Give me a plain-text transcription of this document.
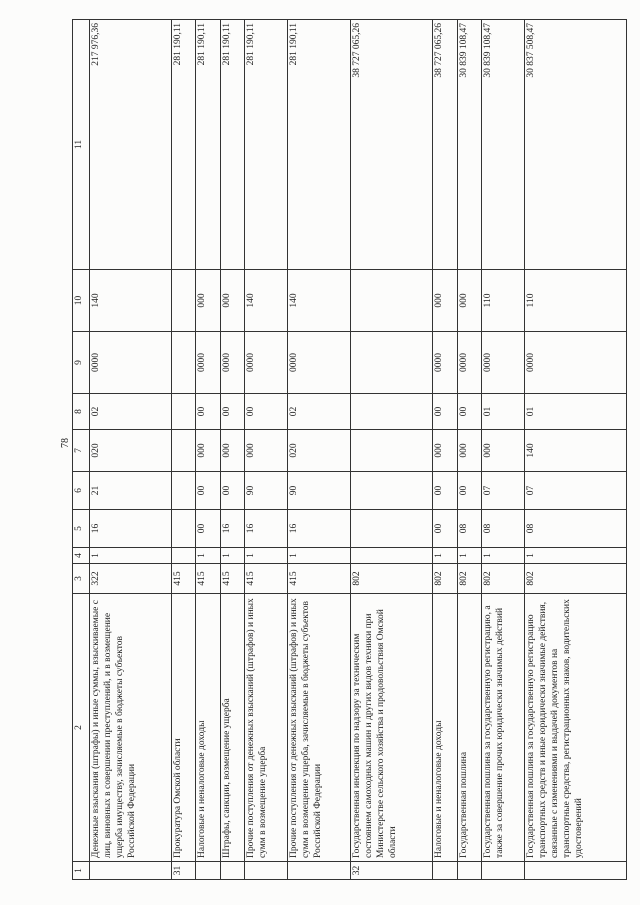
78
1	2	3	4	5	6	7	8	9	10	11
	Денежные взыскания (штрафы) и иные суммы, взыскиваемые с лиц, виновных в совершении преступлений, и в возмещение ущерба имуществу, зачисляемые в бюджеты субъектов Российской Федерации	322	1	16	21	020	02	0000	140	217 976,36
31	Прокуратура Омской области	415								281 190,11
	Налоговые и неналоговые доходы	415	1	00	00	000	00	0000	000	281 190,11
	Штрафы, санкции, возмещение ущерба	415	1	16	00	000	00	0000	000	281 190,11
	Прочие поступления от денежных взысканий (штрафов) и иных сумм в возмещение ущерба	415	1	16	90	000	00	0000	140	281 190,11
	Прочие поступления от денежных взысканий (штрафов) и иных сумм в возмещение ущерба, зачисляемые в бюджеты субъектов Российской Федерации	415	1	16	90	020	02	0000	140	281 190,11
32	Государственная инспекция по надзору за техническим состоянием самоходных машин и других видов техники при Министерстве сельского хозяйства и продовольствия Омской области	802								38 727 065,26
	Налоговые и неналоговые доходы	802	1	00	00	000	00	0000	000	38 727 065,26
	Государственная пошлина	802	1	08	00	000	00	0000	000	30 839 108,47
	Государственная пошлина за государственную регистрацию, а также за совершение прочих юридически значимых действий	802	1	08	07	000	01	0000	110	30 839 108,47
	Государственная пошлина за государственную регистрацию транспортных средств и иные юридически значимые действия, связанные с изменениями и выдачей документов на транспортные средства, регистрационных знаков, водительских удостоверений	802	1	08	07	140	01	0000	110	30 837 508,47
